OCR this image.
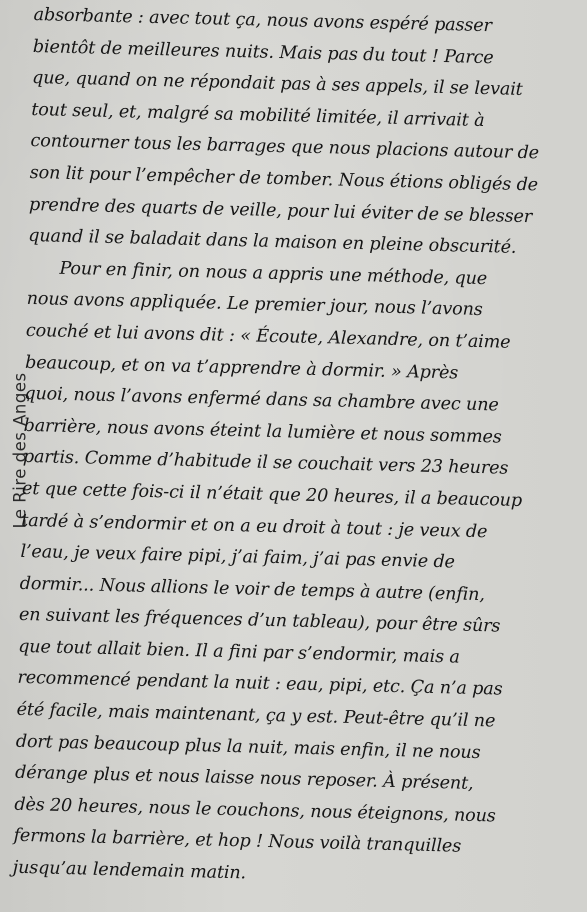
Le Rire des Anges
absorbante : avec tout ça, nous avons espéré passer
bientôt de meilleures nuits. Mais pas du tout ! Parce
que, quand on ne répondait pas à ses appels, il se levait
tout seul, et, malgré sa mobilité limitée, il arrivait à
contourner tous les barrages que nous placions autour de
son lit pour l’empêcher de tomber. Nous étions obligés de
prendre des quarts de veille, pour lui éviter de se blesser
quand il se baladait dans la maison en pleine obscurité.
Pour en finir, on nous a appris une méthode, que
nous avons appliquée. Le premier jour, nous l’avons
couché et lui avons dit : « Écoute, Alexandre, on t’aime
beaucoup, et on va t’apprendre à dormir. » Après
quoi, nous l’avons enfermé dans sa chambre avec une
barrière, nous avons éteint la lumière et nous sommes
partis. Comme d’habitude il se couchait vers 23 heures
et que cette fois-ci il n’était que 20 heures, il a beaucoup
tardé à s’endormir et on a eu droit à tout : je veux de
l’eau, je veux faire pipi, j’ai faim, j’ai pas envie de
dormir... Nous allions le voir de temps à autre (enfin,
en suivant les fréquences d’un tableau), pour être sûrs
que tout allait bien. Il a fini par s’endormir, mais a
recommencé pendant la nuit : eau, pipi, etc. Ça n’a pas
été facile, mais maintenant, ça y est. Peut-être qu’il ne
dort pas beaucoup plus la nuit, mais enfin, il ne nous
dérange plus et nous laisse nous reposer. À présent,
dès 20 heures, nous le couchons, nous éteignons, nous
fermons la barrière, et hop ! Nous voilà tranquilles
jusqu’au lendemain matin.
